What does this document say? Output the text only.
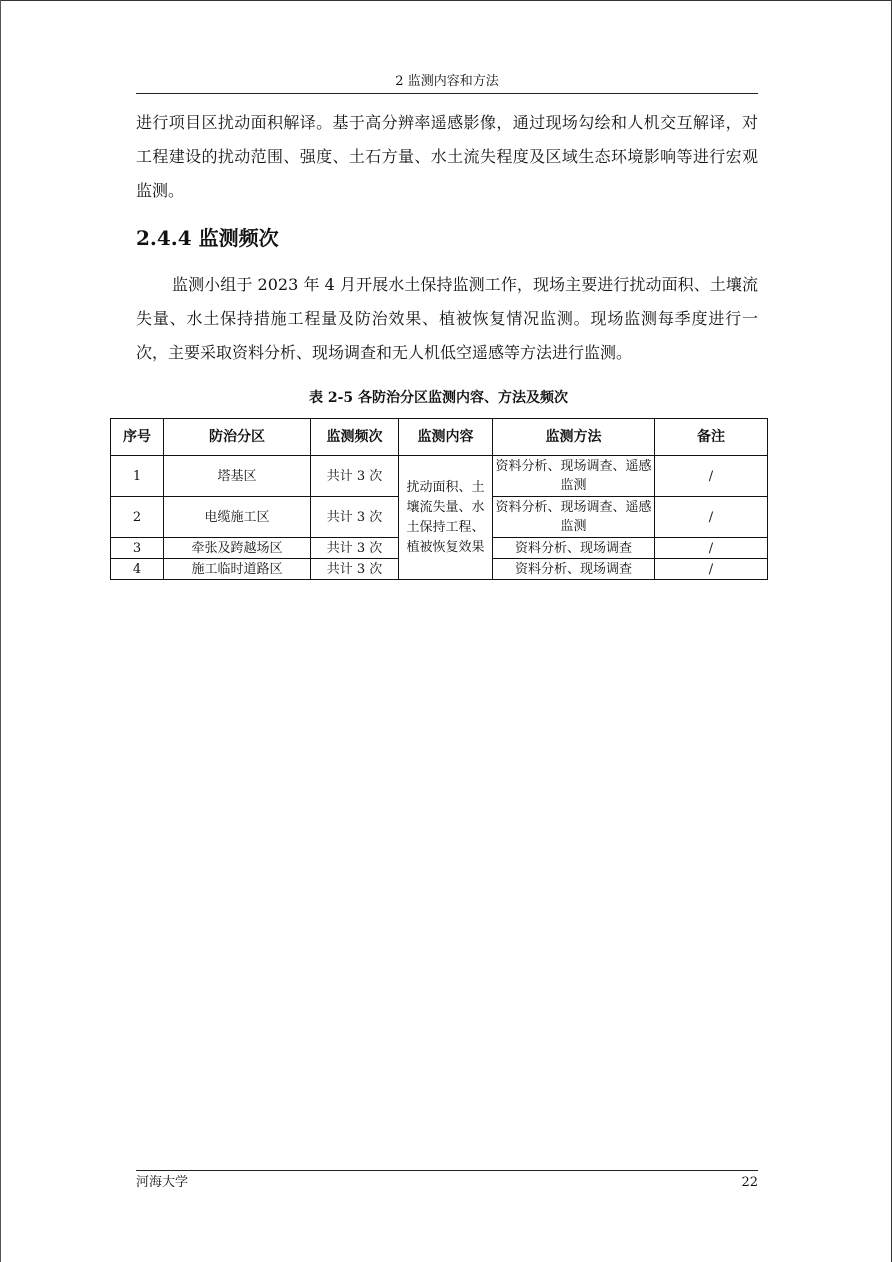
2 监测内容和方法

进行项目区扰动面积解译。基于高分辨率遥感影像，通过现场勾绘和人机交互解译，对工程建设的扰动范围、强度、土石方量、水土流失程度及区域生态环境影响等进行宏观监测。

2.4.4 监测频次

监测小组于 2023 年 4 月开展水土保持监测工作，现场主要进行扰动面积、土壤流失量、水土保持措施工程量及防治效果、植被恢复情况监测。现场监测每季度进行一次，主要采取资料分析、现场调查和无人机低空遥感等方法进行监测。

表 2-5 各防治分区监测内容、方法及频次
序号	防治分区	监测频次	监测内容	监测方法	备注
1	塔基区	共计 3 次	扰动面积、土壤流失量、水土保持工程、植被恢复效果	资料分析、现场调查、遥感监测	/
2	电缆施工区	共计 3 次		资料分析、现场调查、遥感监测	/
3	牵张及跨越场区	共计 3 次		资料分析、现场调查	/
4	施工临时道路区	共计 3 次		资料分析、现场调查	/
河海大学	22
